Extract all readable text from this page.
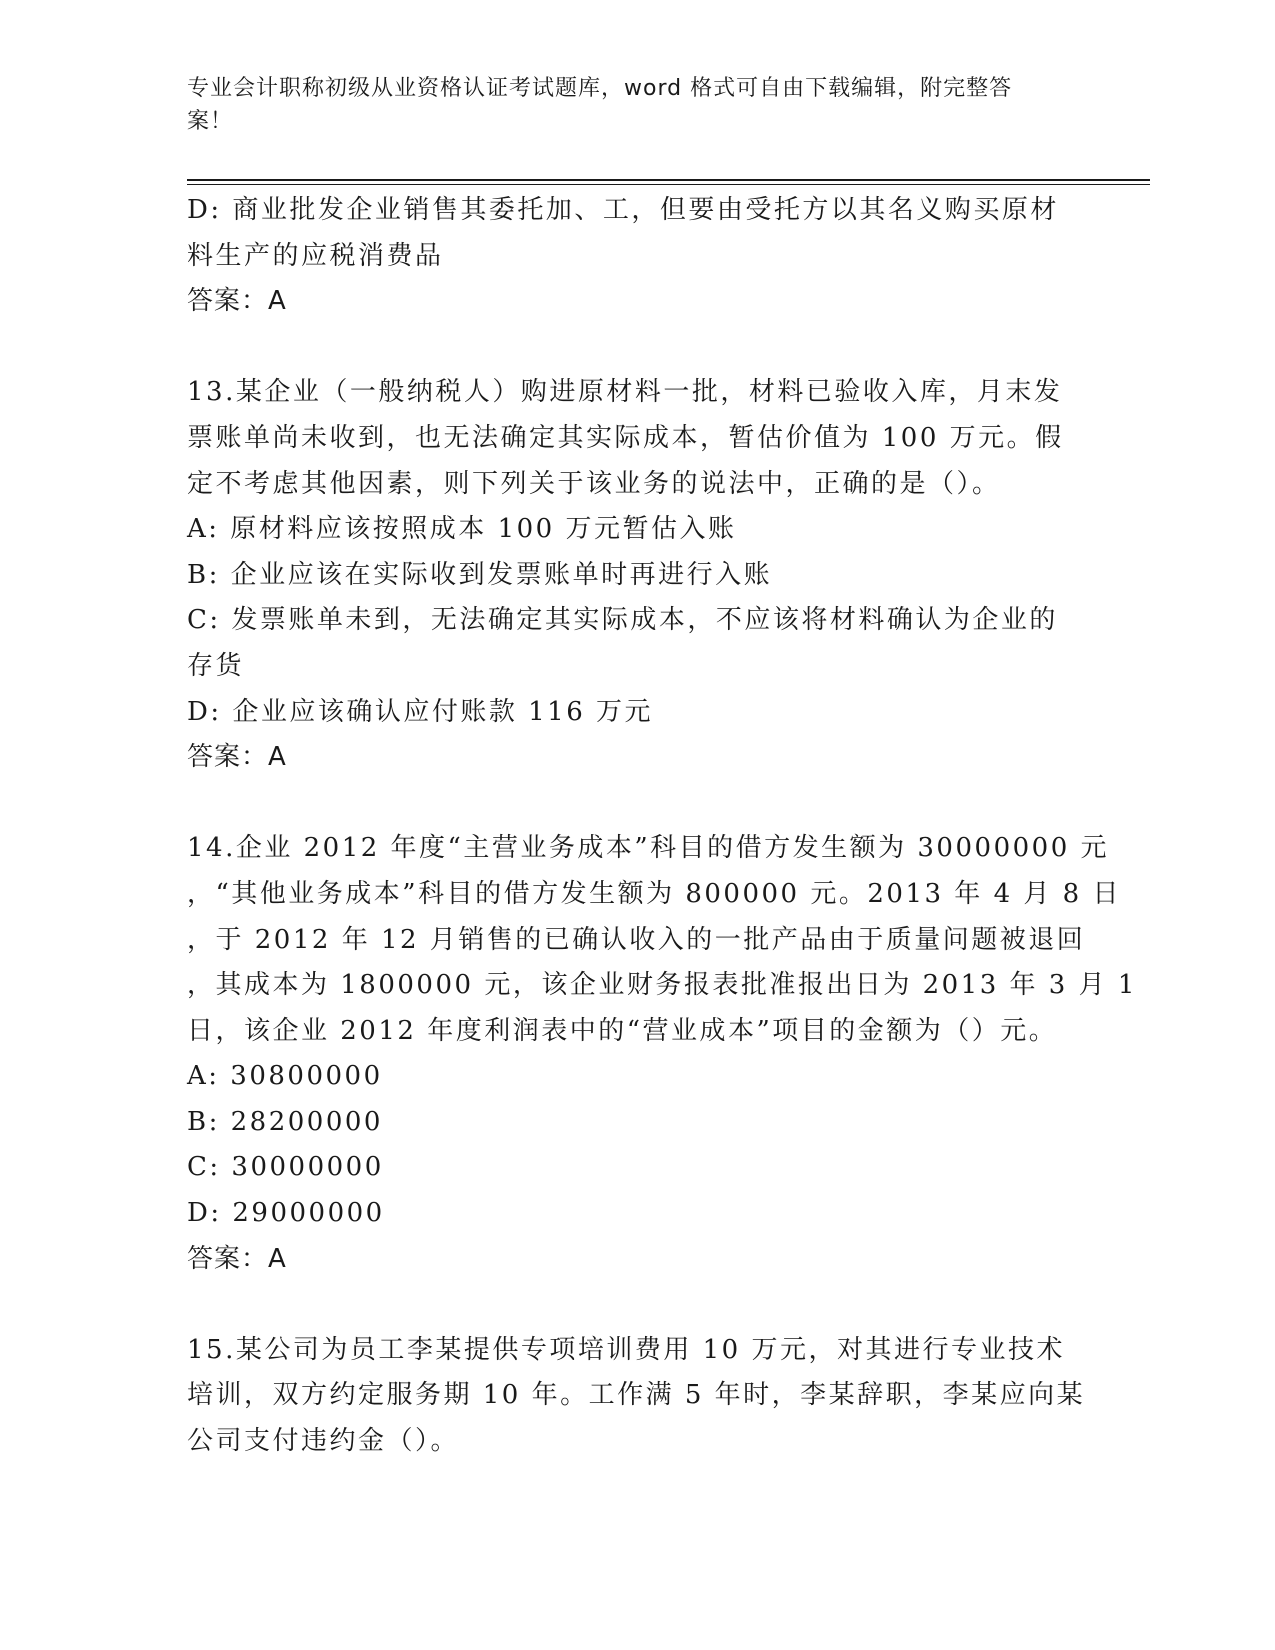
专业会计职称初级从业资格认证考试题库，word 格式可自由下载编辑，附完整答
案！
D: 商业批发企业销售其委托加、工，但要由受托方以其名义购买原材
料生产的应税消费品
答案：A
13.某企业（一般纳税人）购进原材料一批，材料已验收入库，月末发
票账单尚未收到，也无法确定其实际成本，暂估价值为 100 万元。假
定不考虑其他因素，则下列关于该业务的说法中，正确的是（）。
A: 原材料应该按照成本 100 万元暂估入账
B: 企业应该在实际收到发票账单时再进行入账
C: 发票账单未到，无法确定其实际成本，不应该将材料确认为企业的
存货
D: 企业应该确认应付账款 116 万元
答案：A
14.企业 2012 年度“主营业务成本”科目的借方发生额为 30000000 元
，“其他业务成本”科目的借方发生额为 800000 元。2013 年 4 月 8 日
，于 2012 年 12 月销售的已确认收入的一批产品由于质量问题被退回
，其成本为 1800000 元，该企业财务报表批准报出日为 2013 年 3 月 1
日，该企业 2012 年度利润表中的“营业成本”项目的金额为（）元。
A: 30800000
B: 28200000
C: 30000000
D: 29000000
答案：A
15.某公司为员工李某提供专项培训费用 10 万元，对其进行专业技术
培训，双方约定服务期 10 年。工作满 5 年时，李某辞职，李某应向某
公司支付违约金（）。
